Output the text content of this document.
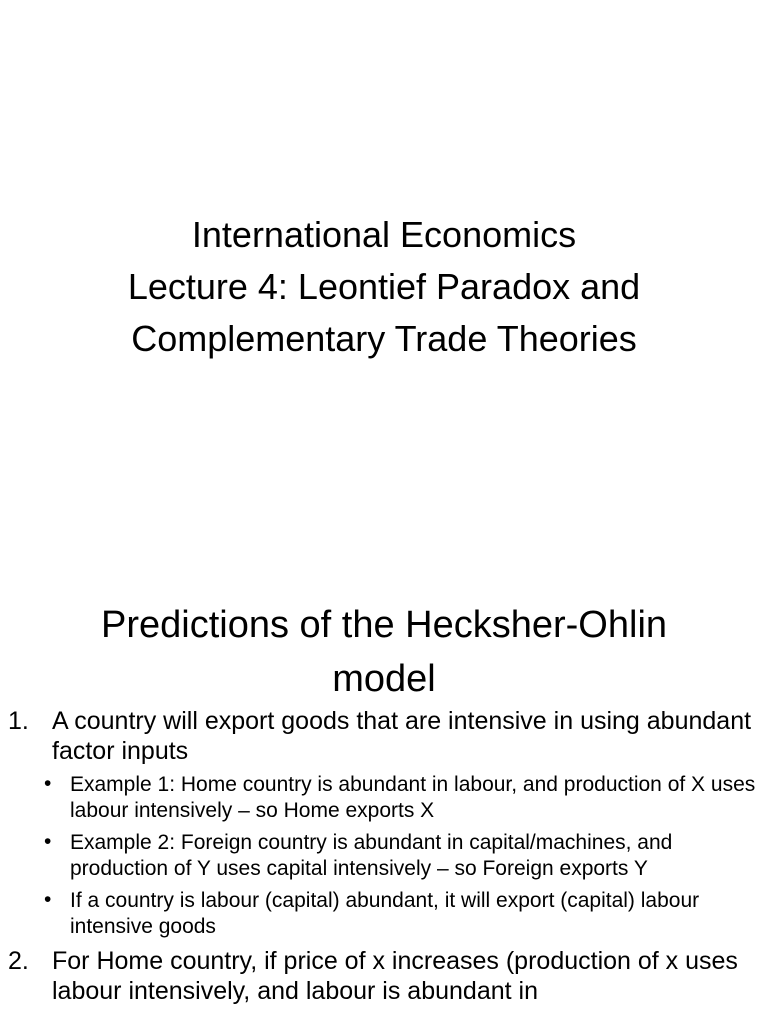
International Economics
Lecture 4: Leontief Paradox and
Complementary Trade Theories
Predictions of the Hecksher-Ohlin
model
1. A country will export goods that are intensive in using abundant factor inputs
• Example 1: Home country is abundant in labour, and production of X uses labour intensively – so Home exports X
• Example 2: Foreign country is abundant in capital/machines, and production of Y uses capital intensively – so Foreign exports Y
• If a country is labour (capital) abundant, it will export (capital) labour intensive goods
2. For Home country, if price of x increases (production of x uses labour intensively, and labour is abundant in
